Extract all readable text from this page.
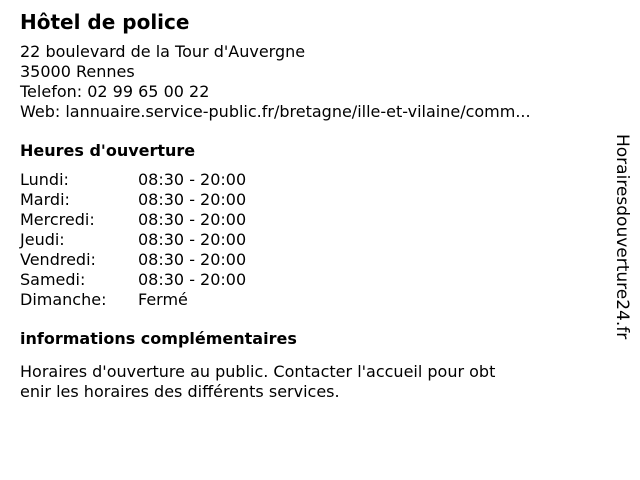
Hôtel de police
22 boulevard de la Tour d'Auvergne
35000 Rennes
Telefon: 02 99 65 00 22
Web: lannuaire.service-public.fr/bretagne/ille-et-vilaine/comm...
Heures d'ouverture
Lundi:	08:30 - 20:00
Mardi:	08:30 - 20:00
Mercredi:	08:30 - 20:00
Jeudi:	08:30 - 20:00
Vendredi:	08:30 - 20:00
Samedi:	08:30 - 20:00
Dimanche:	Fermé
informations complémentaires
Horaires d'ouverture au public. Contacter l'accueil pour obt
enir les horaires des différents services.
Horairesdouverture24.fr
